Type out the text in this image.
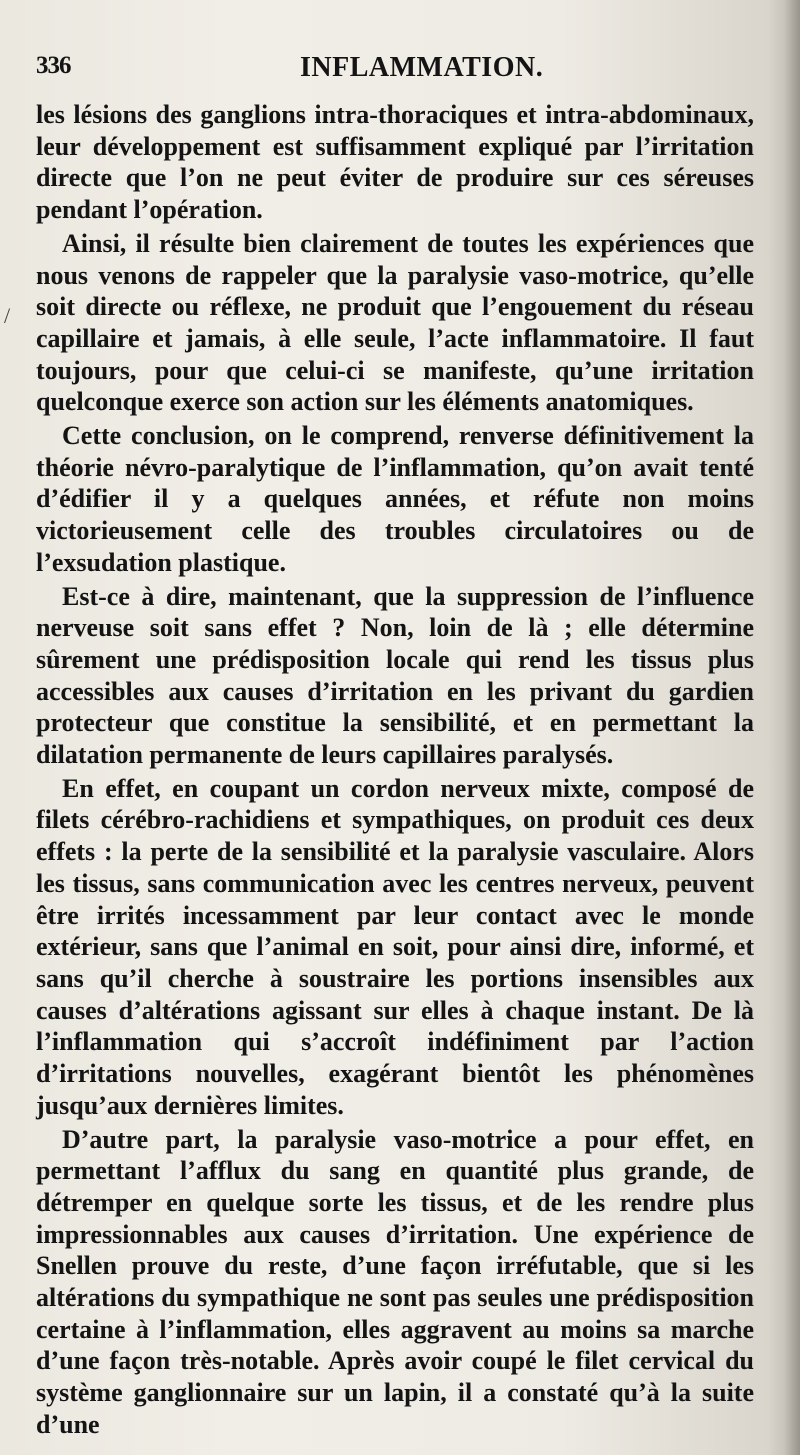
336	INFLAMMATION.
/

les lésions des ganglions intra-thoraciques et intra-abdominaux, leur développement est suffisamment expliqué par l’irritation directe que l’on ne peut éviter de produire sur ces séreuses pendant l’opération.

Ainsi, il résulte bien clairement de toutes les expériences que nous venons de rappeler que la paralysie vaso-motrice, qu’elle soit directe ou réflexe, ne produit que l’engouement du réseau capillaire et jamais, à elle seule, l’acte inflammatoire. Il faut toujours, pour que celui-ci se manifeste, qu’une irritation quelconque exerce son action sur les éléments anatomiques.

Cette conclusion, on le comprend, renverse définitivement la théorie névro-paralytique de l’inflammation, qu’on avait tenté d’édifier il y a quelques années, et réfute non moins victorieusement celle des troubles circulatoires ou de l’exsudation plastique.

Est-ce à dire, maintenant, que la suppression de l’influence nerveuse soit sans effet ? Non, loin de là ; elle détermine sûrement une prédisposition locale qui rend les tissus plus accessibles aux causes d’irritation en les privant du gardien protecteur que constitue la sensibilité, et en permettant la dilatation permanente de leurs capillaires paralysés.

En effet, en coupant un cordon nerveux mixte, composé de filets cérébro-rachidiens et sympathiques, on produit ces deux effets : la perte de la sensibilité et la paralysie vasculaire. Alors les tissus, sans communication avec les centres nerveux, peuvent être irrités incessamment par leur contact avec le monde extérieur, sans que l’animal en soit, pour ainsi dire, informé, et sans qu’il cherche à soustraire les portions insensibles aux causes d’altérations agissant sur elles à chaque instant. De là l’inflammation qui s’accroît indéfiniment par l’action d’irritations nouvelles, exagérant bientôt les phénomènes jusqu’aux dernières limites.

D’autre part, la paralysie vaso-motrice a pour effet, en permettant l’afflux du sang en quantité plus grande, de détremper en quelque sorte les tissus, et de les rendre plus impressionnables aux causes d’irritation. Une expérience de Snellen prouve du reste, d’une façon irréfutable, que si les altérations du sympathique ne sont pas seules une prédisposition certaine à l’inflammation, elles aggravent au moins sa marche d’une façon très-notable. Après avoir coupé le filet cervical du système ganglionnaire sur un lapin, il a constaté qu’à la suite d’une
